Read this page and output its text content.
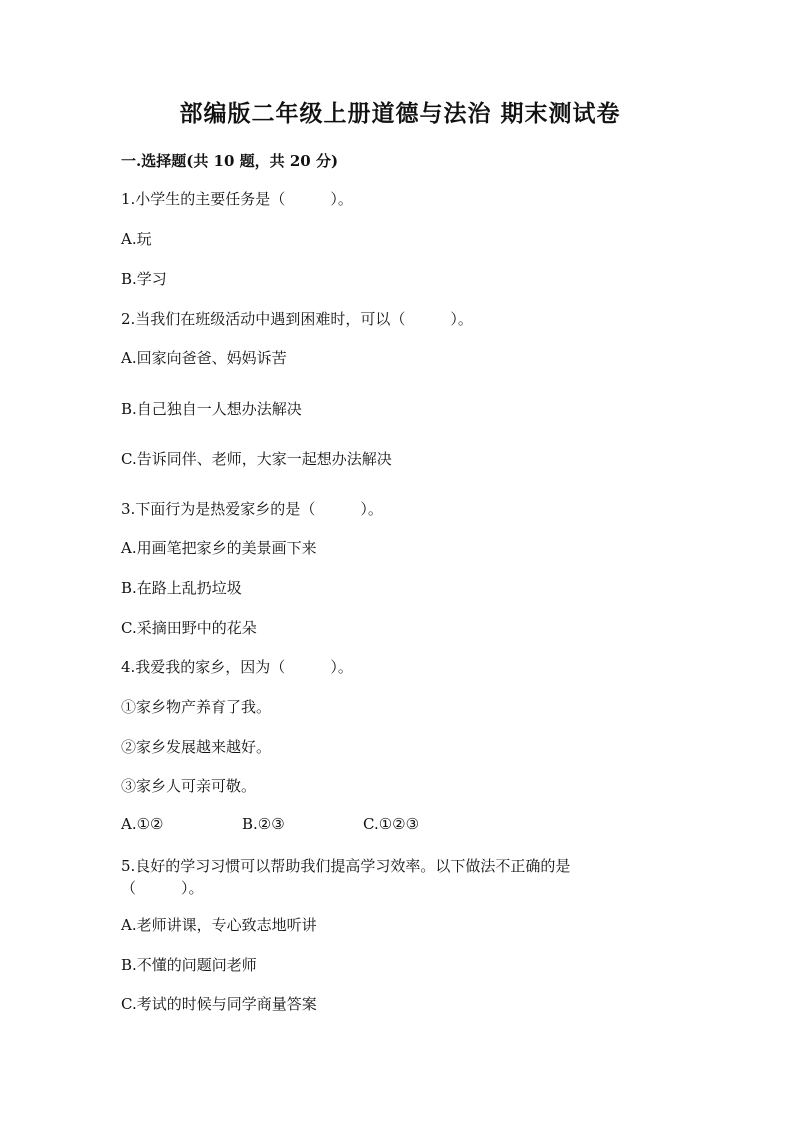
部编版二年级上册道德与法治 期末测试卷
一.选择题(共 10 题，共 20 分)
1.小学生的主要任务是（　　　）。
A.玩
B.学习
2.当我们在班级活动中遇到困难时，可以（　　　）。
A.回家向爸爸、妈妈诉苦
B.自己独自一人想办法解决
C.告诉同伴、老师，大家一起想办法解决
3.下面行为是热爱家乡的是（　　　）。
A.用画笔把家乡的美景画下来
B.在路上乱扔垃圾
C.采摘田野中的花朵
4.我爱我的家乡，因为（　　　）。
①家乡物产养育了我。
②家乡发展越来越好。
③家乡人可亲可敬。
A.①②	B.②③	C.①②③
5.良好的学习习惯可以帮助我们提高学习效率。以下做法不正确的是
（　　　）。
A.老师讲课，专心致志地听讲
B.不懂的问题问老师
C.考试的时候与同学商量答案
